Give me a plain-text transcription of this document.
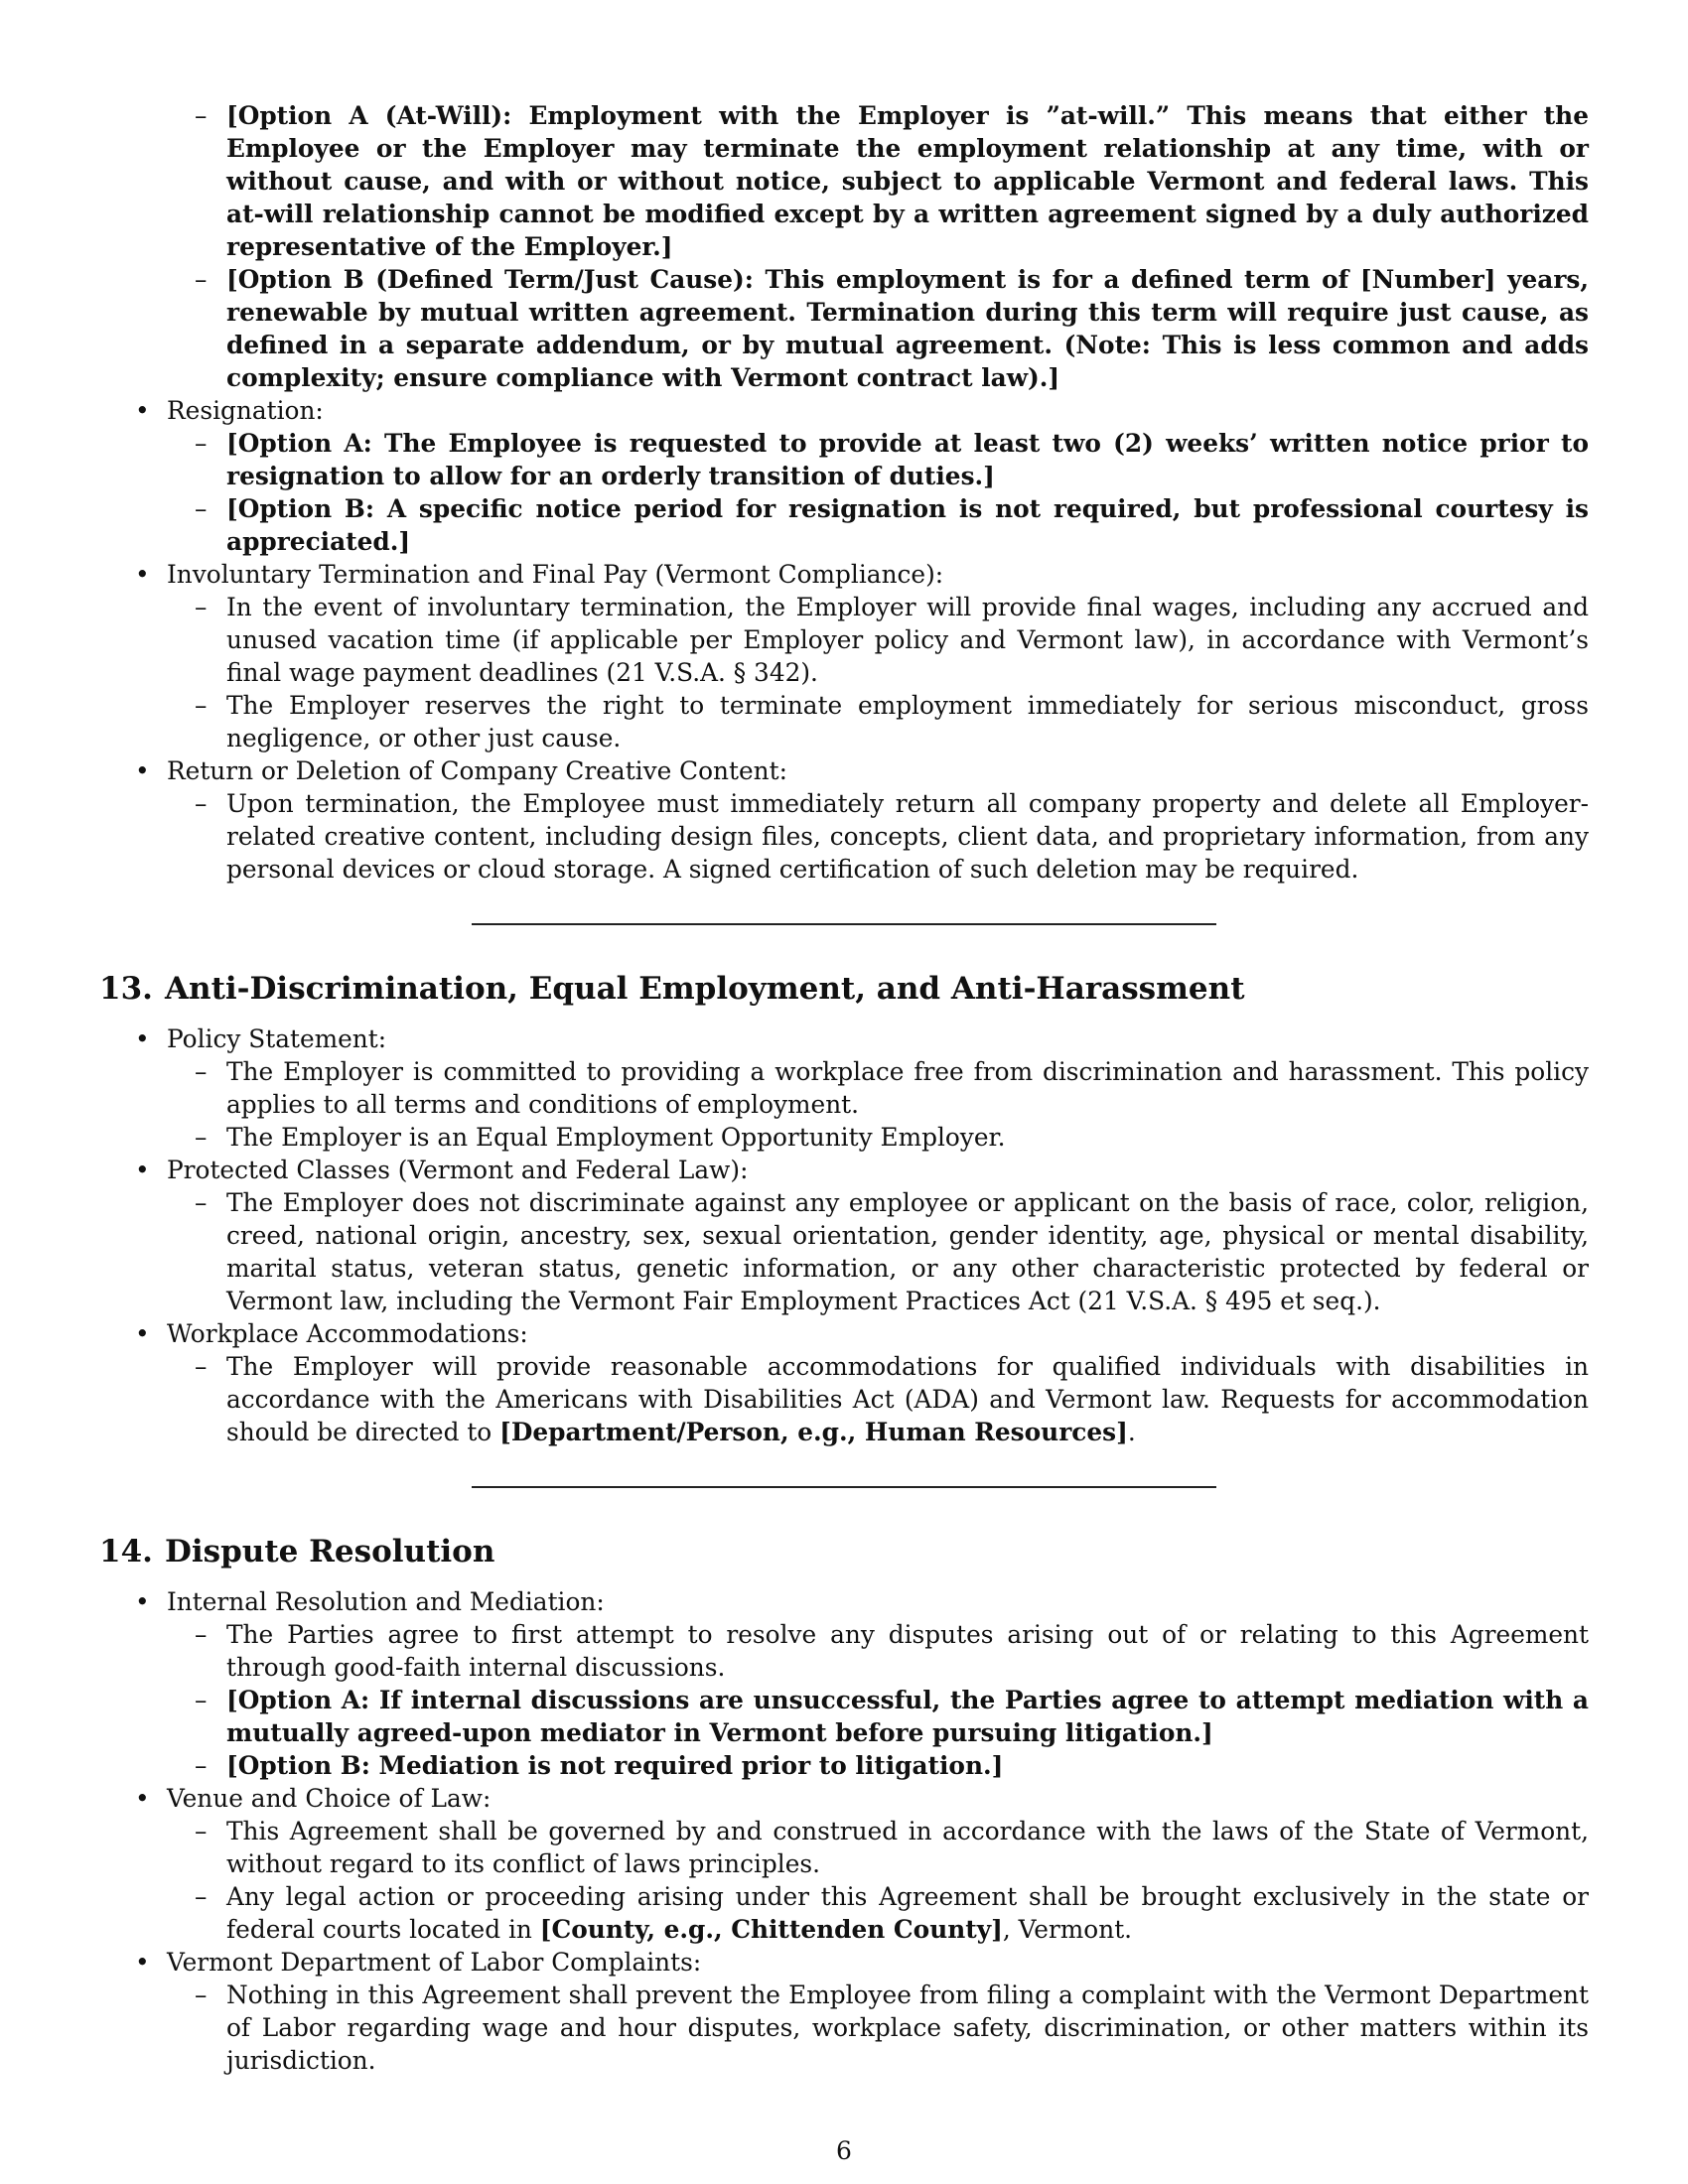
– [Option A (At-Will): Employment with the Employer is ”at-will.” This means that either the Employee or the Employer may terminate the employment relationship at any time, with or without cause, and with or without notice, subject to applicable Vermont and federal laws. This at-will relationship cannot be modified except by a written agreement signed by a duly authorized representative of the Employer.]
– [Option B (Defined Term/Just Cause): This employment is for a defined term of [Number] years, renewable by mutual written agreement. Termination during this term will require just cause, as defined in a separate addendum, or by mutual agreement. (Note: This is less common and adds complexity; ensure compliance with Vermont contract law).]
• Resignation:
– [Option A: The Employee is requested to provide at least two (2) weeks’ written notice prior to resignation to allow for an orderly transition of duties.]
– [Option B: A specific notice period for resignation is not required, but professional courtesy is appreciated.]
• Involuntary Termination and Final Pay (Vermont Compliance):
– In the event of involuntary termination, the Employer will provide final wages, including any accrued and unused vacation time (if applicable per Employer policy and Vermont law), in accordance with Vermont’s final wage payment deadlines (21 V.S.A. § 342).
– The Employer reserves the right to terminate employment immediately for serious misconduct, gross negligence, or other just cause.
• Return or Deletion of Company Creative Content:
– Upon termination, the Employee must immediately return all company property and delete all Employer-related creative content, including design files, concepts, client data, and proprietary information, from any personal devices or cloud storage. A signed certification of such deletion may be required.
13. Anti-Discrimination, Equal Employment, and Anti-Harassment
• Policy Statement:
– The Employer is committed to providing a workplace free from discrimination and harassment. This policy applies to all terms and conditions of employment.
– The Employer is an Equal Employment Opportunity Employer.
• Protected Classes (Vermont and Federal Law):
– The Employer does not discriminate against any employee or applicant on the basis of race, color, religion, creed, national origin, ancestry, sex, sexual orientation, gender identity, age, physical or mental disability, marital status, veteran status, genetic information, or any other characteristic protected by federal or Vermont law, including the Vermont Fair Employment Practices Act (21 V.S.A. § 495 et seq.).
• Workplace Accommodations:
– The Employer will provide reasonable accommodations for qualified individuals with disabilities in accordance with the Americans with Disabilities Act (ADA) and Vermont law. Requests for accommodation should be directed to [Department/Person, e.g., Human Resources].
14. Dispute Resolution
• Internal Resolution and Mediation:
– The Parties agree to first attempt to resolve any disputes arising out of or relating to this Agreement through good-faith internal discussions.
– [Option A: If internal discussions are unsuccessful, the Parties agree to attempt mediation with a mutually agreed-upon mediator in Vermont before pursuing litigation.]
– [Option B: Mediation is not required prior to litigation.]
• Venue and Choice of Law:
– This Agreement shall be governed by and construed in accordance with the laws of the State of Vermont, without regard to its conflict of laws principles.
– Any legal action or proceeding arising under this Agreement shall be brought exclusively in the state or federal courts located in [County, e.g., Chittenden County], Vermont.
• Vermont Department of Labor Complaints:
– Nothing in this Agreement shall prevent the Employee from filing a complaint with the Vermont Department of Labor regarding wage and hour disputes, workplace safety, discrimination, or other matters within its jurisdiction.
6
